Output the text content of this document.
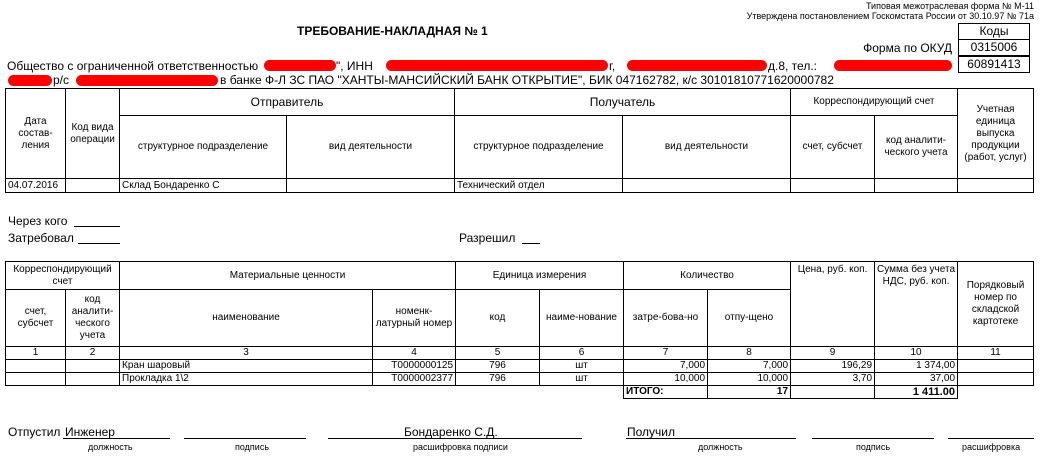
Типовая межотраслевая форма № М-11
Утверждена постановлением Госкомстата России от 30.10.97 № 71а
ТРЕБОВАНИЕ-НАКЛАДНАЯ № 1	Коды
Форма по ОКУД	0315006
60891413
Общество с ограниченной ответственностью	", ИНН	г,	д.8, тел.:
р/с	в банке Ф-Л ЗС ПАО "ХАНТЫ-МАНСИЙСКИЙ БАНК ОТКРЫТИЕ", БИК 047162782, к/с 30101810771620000782
Дата состав-ления	Код вида операции	Отправитель		Получатель		Корреспондирующий счет		Учетная единица выпуска продукции (работ, услуг)
		структурное подразделение	вид деятельности	структурное подразделение	вид деятельности	счет, субсчет	код аналити-ческого учета	
04.07.2016		Склад Бондаренко С		Технический отдел				
Через кого
Затребовал	Разрешил
Корреспондирующий счет		Материальные ценности		Единица измерения		Количество		Цена, руб. коп.	Сумма без учета НДС, руб. коп.	Порядковый номер по складской картотеке
счет, субсчет	код аналити-ческого учета	наименование	номенк-латурный номер	код	наиме-нование	затре-бова-но	отпу-щено			
1	2	3	4	5	6	7	8	9	10	11
		Кран шаровый	Т0000000125	796	шт	7,000	7,000	196,29	1 374,00	
		Прокладка 1\2	Т0000002377	796	шт	10,000	10,000	3,70	37,00	
						ИТОГО:	17		1 411.00	
Отпустил Инженер	Бондаренко С.Д.
должность	подпись	расшифровка подписи
Получил
должность	подпись	расшифровка
